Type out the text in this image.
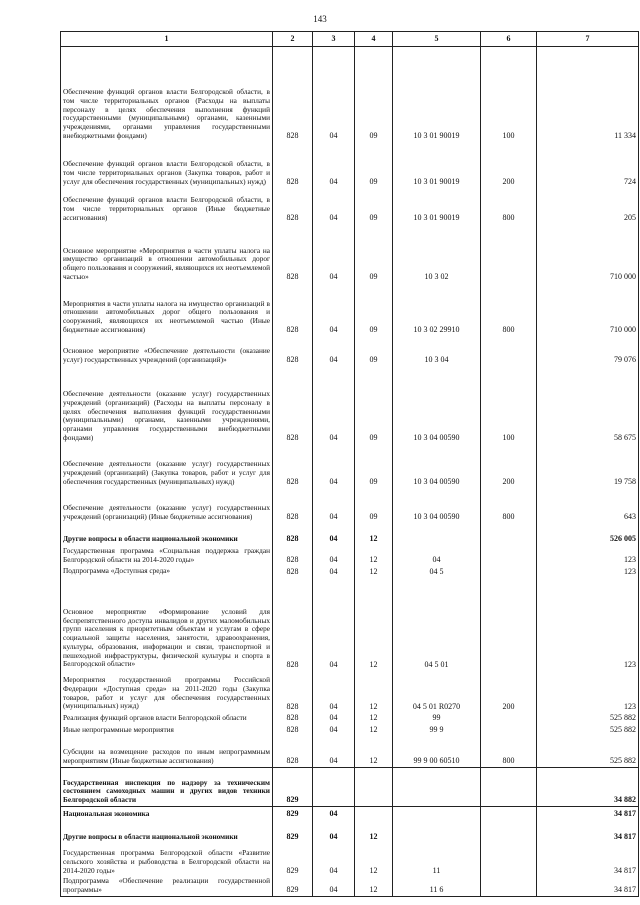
143
1	2	3	4	5	6	7
Обеспечение функций органов власти Белгородской области, в том числе территориальных органов (Расходы на выплаты персоналу в целях обеспечения выполнения функций государственными (муниципальными) органами, казенными учреждениями, органами управления государственными внебюджетными фондами)	828	04	09	10 3 01 90019	100	11 334
Обеспечение функций органов власти Белгородской области, в том числе территориальных органов (Закупка товаров, работ и услуг для обеспечения государственных (муниципальных) нужд)	828	04	09	10 3 01 90019	200	724
Обеспечение функций органов власти Белгородской области, в том числе территориальных органов (Иные бюджетные ассигнования)	828	04	09	10 3 01 90019	800	205
Основное мероприятие «Мероприятия в части уплаты налога на имущество организаций в отношении автомобильных дорог общего пользования и сооружений, являющихся их неотъемлемой частью»	828	04	09	10 3 02		710 000
Мероприятия в части уплаты налога на имущество организаций в отношении автомобильных дорог общего пользования и сооружений, являющихся их неотъемлемой частью (Иные бюджетные ассигнования)	828	04	09	10 3 02 29910	800	710 000
Основное мероприятие «Обеспечение деятельности (оказание услуг) государственных учреждений (организаций)»	828	04	09	10 3 04		79 076
Обеспечение деятельности (оказание услуг) государственных учреждений (организаций) (Расходы на выплаты персоналу в целях обеспечения выполнения функций государственными (муниципальными) органами, казенными учреждениями, органами управления государственными внебюджетными фондами)	828	04	09	10 3 04 00590	100	58 675
Обеспечение деятельности (оказание услуг) государственных учреждений (организаций) (Закупка товаров, работ и услуг для обеспечения государственных (муниципальных) нужд)	828	04	09	10 3 04 00590	200	19 758
Обеспечение деятельности (оказание услуг) государственных учреждений (организаций) (Иные бюджетные ассигнования)	828	04	09	10 3 04 00590	800	643
Другие вопросы в области национальной экономики	828	04	12			526 005
Государственная программа «Социальная поддержка граждан Белгородской области на 2014-2020 годы»	828	04	12	04		123
Подпрограмма «Доступная среда»	828	04	12	04 5		123
Основное мероприятие «Формирование условий для беспрепятственного доступа инвалидов и других маломобильных групп населения к приоритетным объектам и услугам в сфере социальной защиты населения, занятости, здравоохранения, культуры, образования, информации и связи, транспортной и пешеходной инфраструктуры, физической культуры и спорта в Белгородской области»	828	04	12	04 5 01		123
Мероприятия государственной программы Российской Федерации «Доступная среда» на 2011-2020 годы (Закупка товаров, работ и услуг для обеспечения государственных (муниципальных) нужд)	828	04	12	04 5 01 R0270	200	123
Реализация функций органов власти Белгородской области	828	04	12	99		525 882
Иные непрограммные мероприятия	828	04	12	99 9		525 882
Субсидии на возмещение расходов по иным непрограммным мероприятиям (Иные бюджетные ассигнования)	828	04	12	99 9 00 60510	800	525 882
Государственная инспекция по надзору за техническим состоянием самоходных машин и других видов техники Белгородской области	829					34 882
Национальная экономика	829	04				34 817
Другие вопросы в области национальной экономики	829	04	12			34 817
Государственная программа Белгородской области «Развитие сельского хозяйства и рыбоводства в Белгородской области на 2014-2020 годы»	829	04	12	11		34 817
Подпрограмма «Обеспечение реализации государственной программы»	829	04	12	11 6		34 817
